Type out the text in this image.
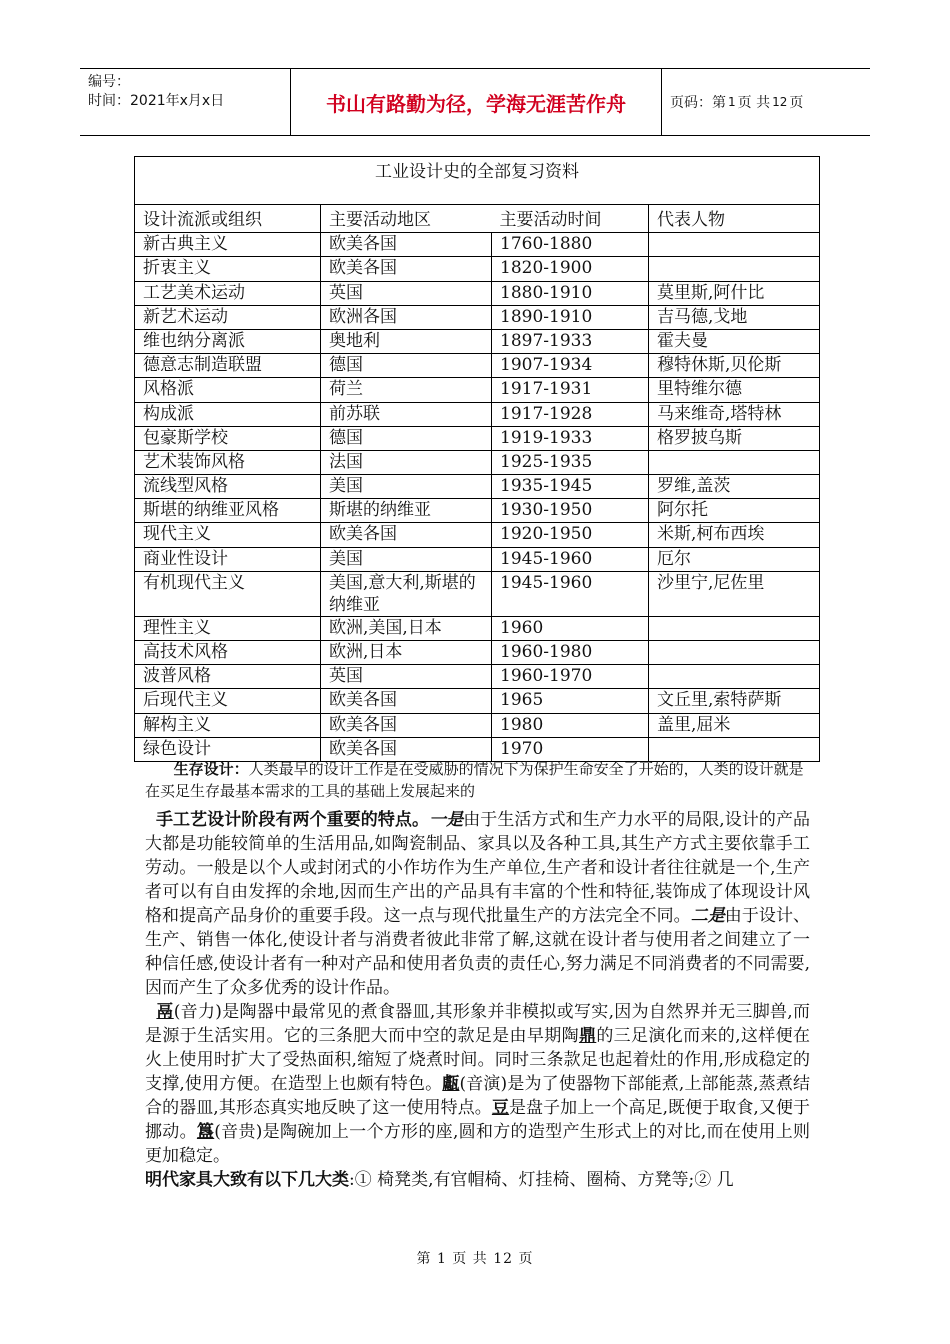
编号：
时间：2021年x月x日	书山有路勤为径，学海无涯苦作舟	页码：第 1 页 共 12 页
工业设计史的全部复习资料			
设计流派或组织	主要活动地区	主要活动时间	代表人物
新古典主义	欧美各国	1760-1880	
折衷主义	欧美各国	1820-1900	
工艺美术运动	英国	1880-1910	莫里斯,阿什比
新艺术运动	欧洲各国	1890-1910	吉马德,戈地
维也纳分离派	奥地利	1897-1933	霍夫曼
德意志制造联盟	德国	1907-1934	穆特休斯,贝伦斯
风格派	荷兰	1917-1931	里特维尔德
构成派	前苏联	1917-1928	马来维奇,塔特林
包豪斯学校	德国	1919-1933	格罗披乌斯
艺术装饰风格	法国	1925-1935	
流线型风格	美国	1935-1945	罗维,盖茨
斯堪的纳维亚风格	斯堪的纳维亚	1930-1950	阿尔托
现代主义	欧美各国	1920-1950	米斯,柯布西埃
商业性设计	美国	1945-1960	厄尔
有机现代主义	美国,意大利,斯堪的纳维亚	1945-1960	沙里宁,尼佐里
理性主义	欧洲,美国,日本	1960	
高技术风格	欧洲,日本	1960-1980	
波普风格	英国	1960-1970	
后现代主义	欧美各国	1965	文丘里,索特萨斯
解构主义	欧美各国	1980	盖里,屈米
绿色设计	欧美各国	1970	
生存设计：人类最早的设计工作是在受威胁的情况下为保护生命安全了开始的，人类的设计就是在买足生存最基本需求的工具的基础上发展起来的

手工艺设计阶段有两个重要的特点。一是由于生活方式和生产力水平的局限,设计的产品大都是功能较简单的生活用品,如陶瓷制品、家具以及各种工具,其生产方式主要依靠手工劳动。一般是以个人或封闭式的小作坊作为生产单位,生产者和设计者往往就是一个,生产者可以有自由发挥的余地,因而生产出的产品具有丰富的个性和特征,装饰成了体现设计风格和提高产品身价的重要手段。这一点与现代批量生产的方法完全不同。二是由于设计、生产、销售一体化,使设计者与消费者彼此非常了解,这就在设计者与使用者之间建立了一种信任感,使设计者有一种对产品和使用者负责的责任心,努力满足不同消费者的不同需要,因而产生了众多优秀的设计作品。

鬲(音力)是陶器中最常见的煮食器皿,其形象并非模拟或写实,因为自然界并无三脚兽,而是源于生活实用。它的三条肥大而中空的款足是由早期陶鼎的三足演化而来的,这样便在火上使用时扩大了受热面积,缩短了烧煮时间。同时三条款足也起着灶的作用,形成稳定的支撑,使用方便。在造型上也颇有特色。甗(音演)是为了使器物下部能煮,上部能蒸,蒸煮结合的器皿,其形态真实地反映了这一使用特点。豆是盘子加上一个高足,既便于取食,又便于挪动。簋(音贵)是陶碗加上一个方形的座,圆和方的造型产生形式上的对比,而在使用上则更加稳定。

明代家具大致有以下几大类:① 椅凳类,有官帽椅、灯挂椅、圈椅、方凳等;② 几

第 1 页 共 12 页
